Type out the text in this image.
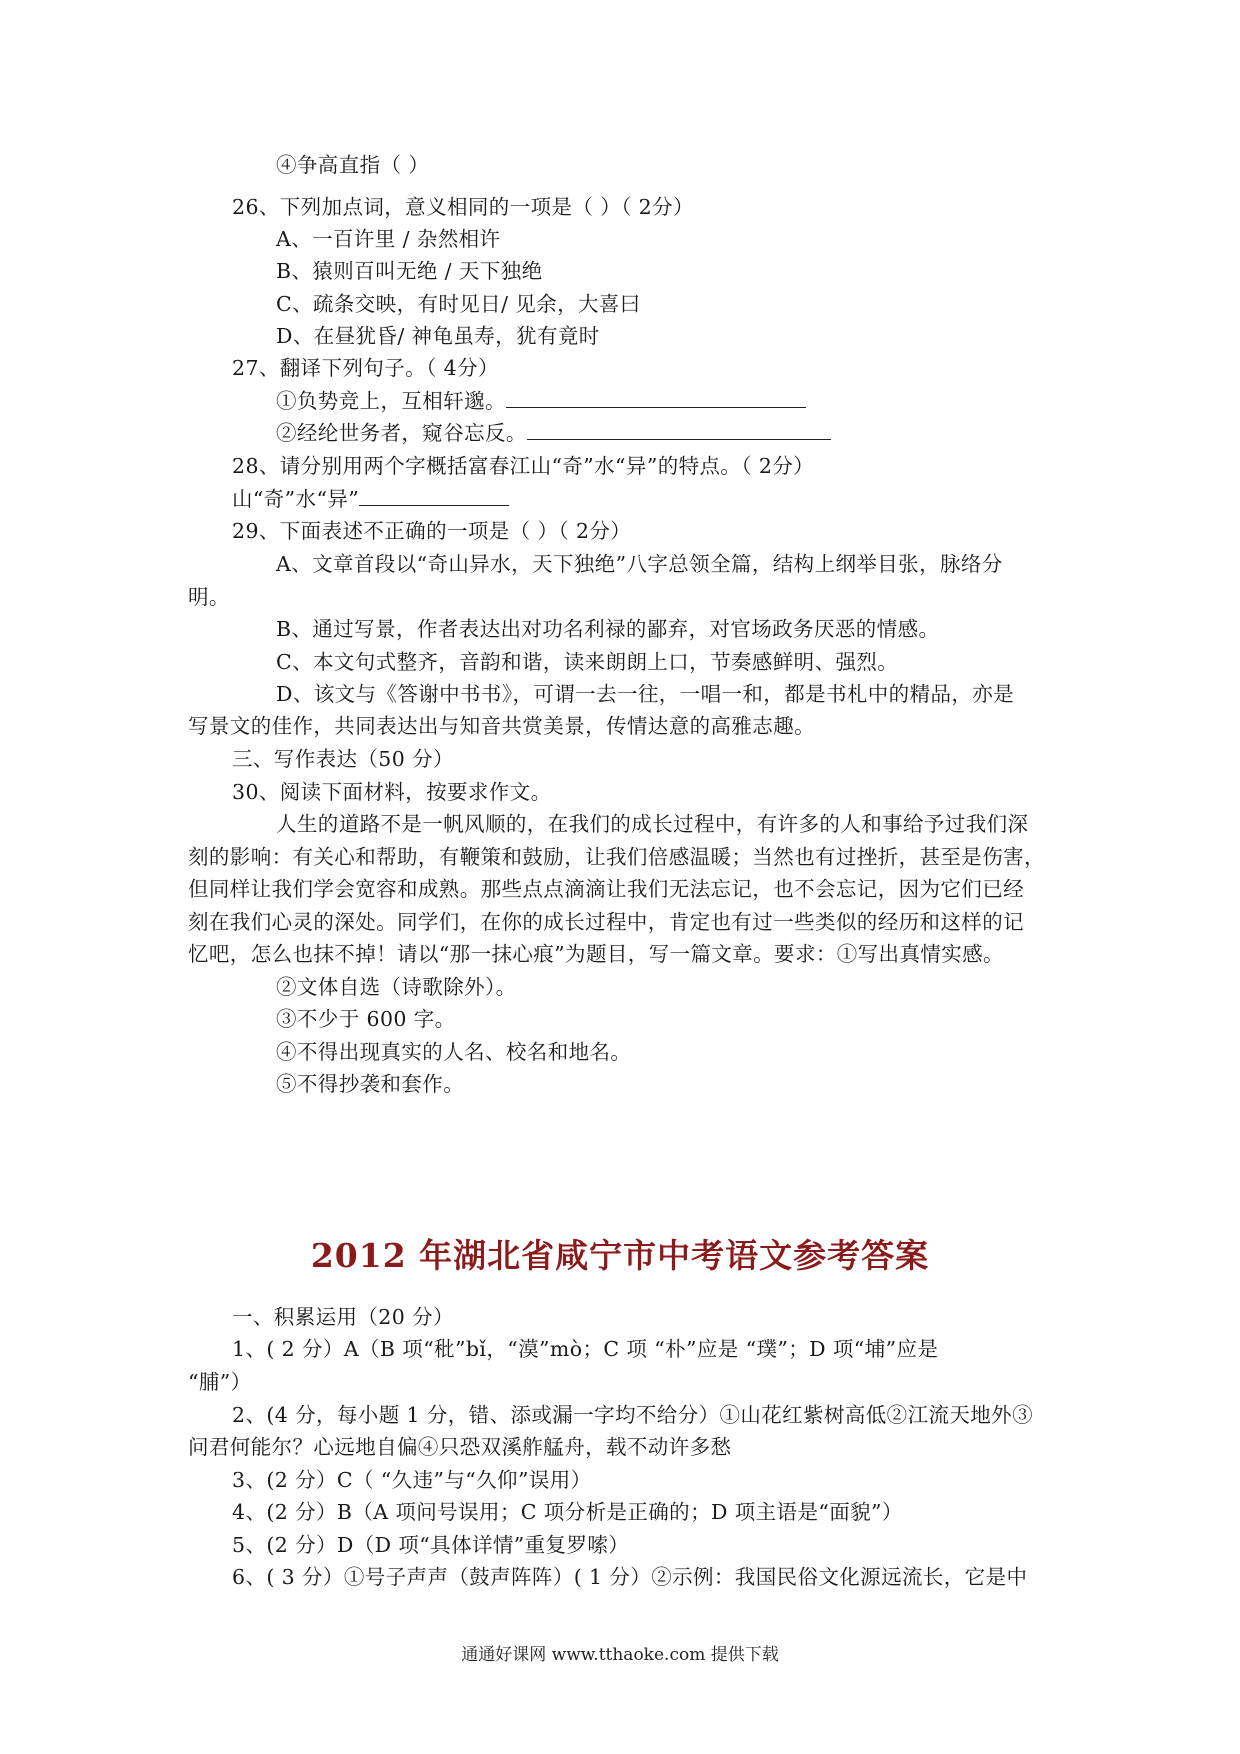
④争高直指（ ）
26、下列加点词，意义相同的一项是（ ）（ 2分）
A、一百许里 / 杂然相许
B、猿则百叫无绝 / 天下独绝
C、疏条交映，有时见日/ 见余，大喜曰
D、在昼犹昏/ 神龟虽寿，犹有竟时
27、翻译下列句子。（ 4分）
①负势竞上，互相轩邈。
②经纶世务者，窥谷忘反。
28、请分别用两个字概括富春江山“奇”水“异”的特点。（ 2分）
山“奇”水“异”
29、下面表述不正确的一项是（ ）（ 2分）
A、文章首段以“奇山异水，天下独绝”八字总领全篇，结构上纲举目张，脉络分
明。
B、通过写景，作者表达出对功名利禄的鄙弃，对官场政务厌恶的情感。
C、本文句式整齐，音韵和谐，读来朗朗上口，节奏感鲜明、强烈。
D、该文与《答谢中书书》，可谓一去一往，一唱一和，都是书札中的精品，亦是
写景文的佳作，共同表达出与知音共赏美景，传情达意的高雅志趣。
三、写作表达（50 分）
30、阅读下面材料，按要求作文。
人生的道路不是一帆风顺的，在我们的成长过程中，有许多的人和事给予过我们深
刻的影响：有关心和帮助，有鞭策和鼓励，让我们倍感温暖；当然也有过挫折，甚至是伤害，
但同样让我们学会宽容和成熟。那些点点滴滴让我们无法忘记，也不会忘记，因为它们已经
刻在我们心灵的深处。同学们，在你的成长过程中，肯定也有过一些类似的经历和这样的记
忆吧，怎么也抹不掉！请以“那一抹心痕”为题目，写一篇文章。要求：①写出真情实感。
②文体自选（诗歌除外）。
③不少于 600 字。
④不得出现真实的人名、校名和地名。
⑤不得抄袭和套作。
2012 年湖北省咸宁市中考语文参考答案
一、积累运用（20 分）
1、( 2 分）A（B 项“秕”bǐ，“漠”mò；C 项 “朴”应是 “璞”；D 项“埔”应是
“脯”）
2、(4 分，每小题 1 分，错、添或漏一字均不给分）①山花红紫树高低②江流天地外③
问君何能尔？心远地自偏④只恐双溪舴艋舟，载不动许多愁
3、(2 分）C（ “久违”与“久仰”误用）
4、(2 分）B（A 项问号误用；C 项分析是正确的；D 项主语是“面貌”）
5、(2 分）D（D 项“具体详情”重复罗嗦）
6、( 3 分）①号子声声（鼓声阵阵）( 1 分）②示例：我国民俗文化源远流长，它是中
通通好课网 www.tthaoke.com 提供下载
